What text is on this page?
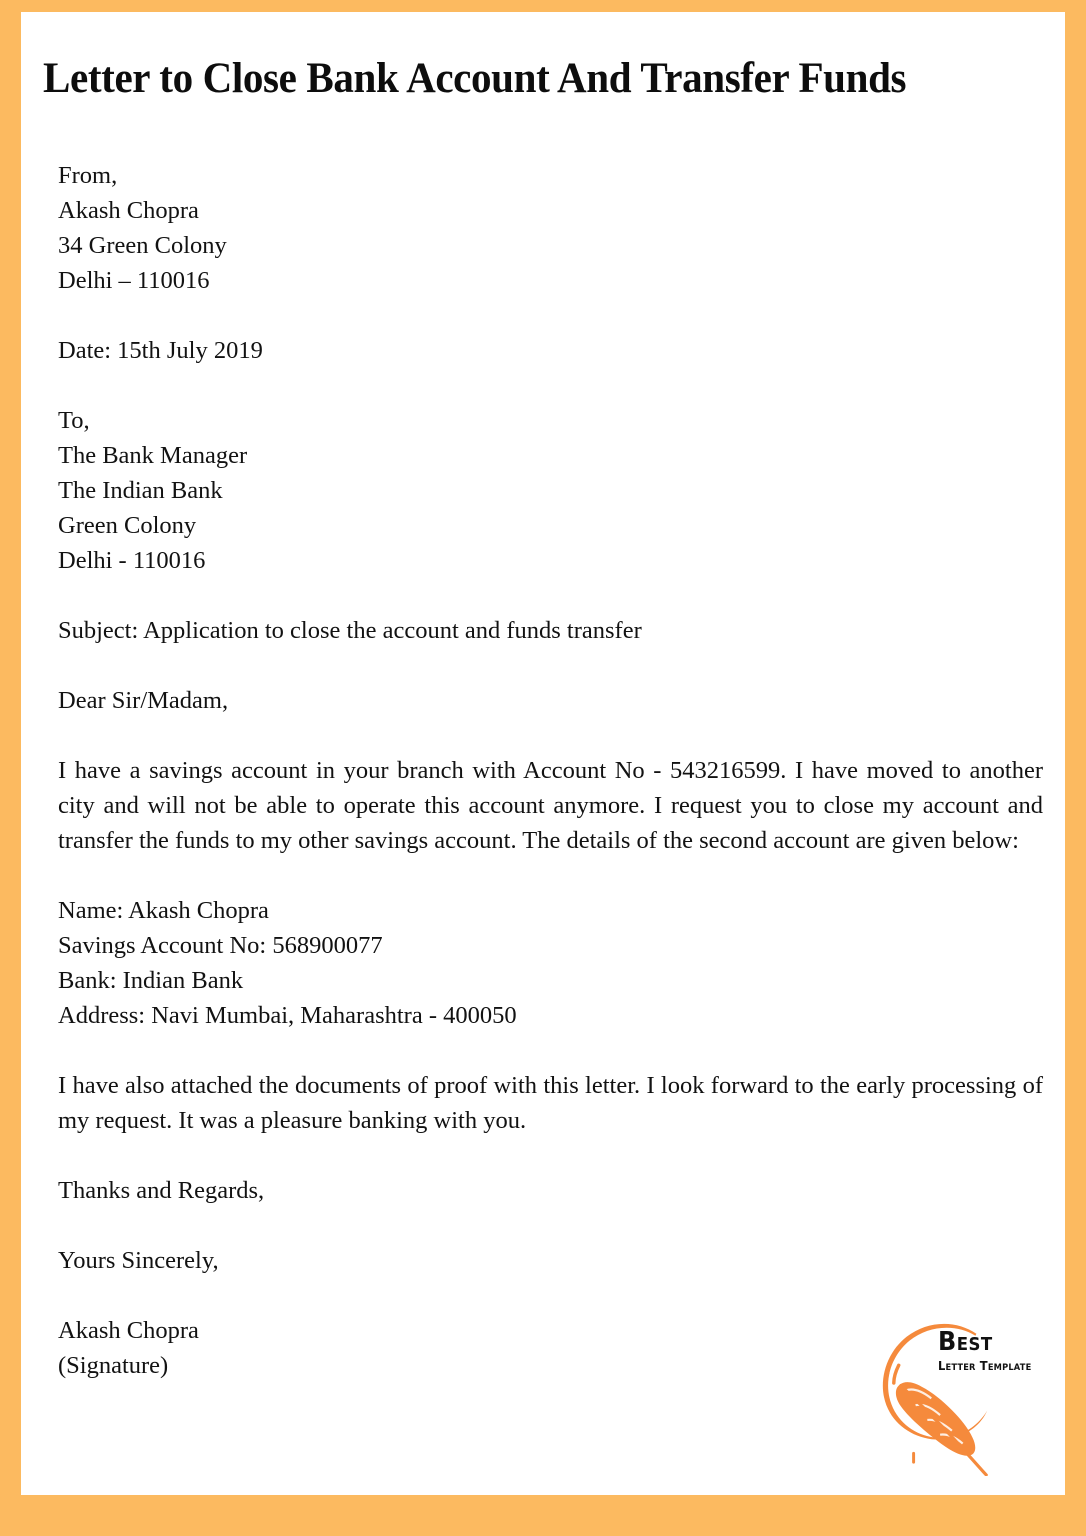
Letter to Close Bank Account And Transfer Funds
From,
Akash Chopra
34 Green Colony
Delhi – 110016
Date: 15th July 2019
To,
The Bank Manager
The Indian Bank
Green Colony
Delhi - 110016
Subject: Application to close the account and funds transfer
Dear Sir/Madam,
I have a savings account in your branch with Account No - 543216599. I have moved to another city and will not be able to operate this account anymore. I request you to close my account and transfer the funds to my other savings account. The details of the second account are given below:
Name: Akash Chopra
Savings Account No: 568900077
Bank: Indian Bank
Address: Navi Mumbai, Maharashtra - 400050
I have also attached the documents of proof with this letter. I look forward to the early processing of my request. It was a pleasure banking with you.
Thanks and Regards,
Yours Sincerely,
Akash Chopra
(Signature)
Best
Letter Template
